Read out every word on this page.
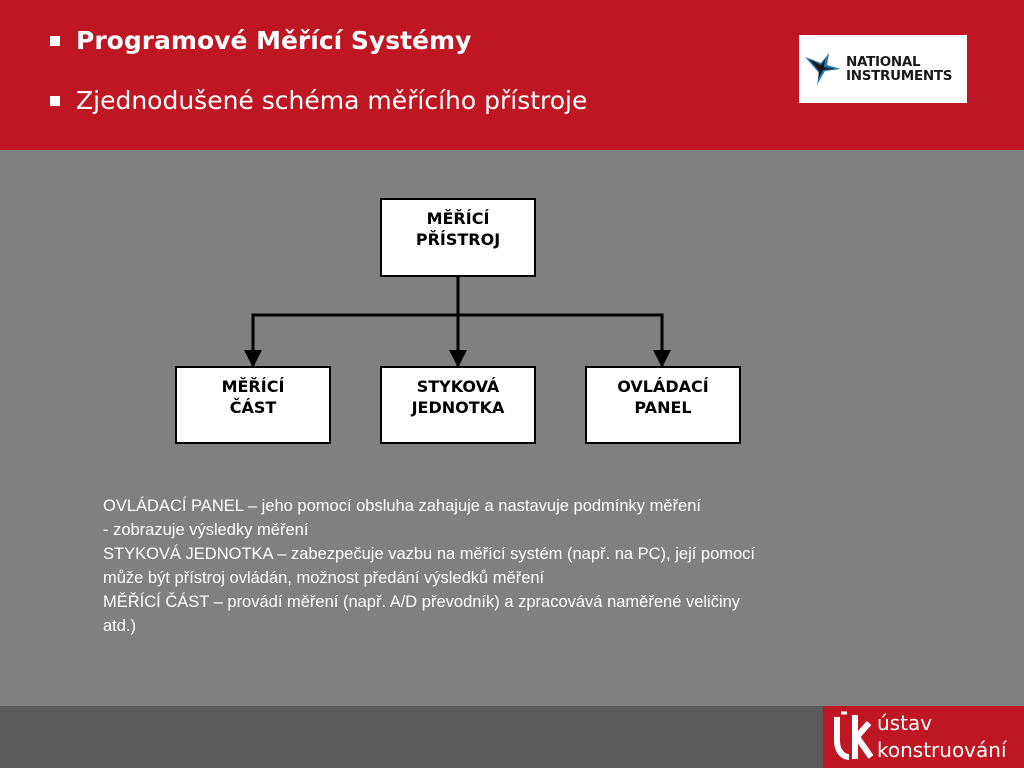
Programové Měřící Systémy
Zjednodušené schéma měřícího přístroje
NATIONAL
INSTRUMENTS
MĚŘÍCÍ
PŘÍSTROJ
MĚŘÍCÍ
ČÁST
STYKOVÁ
JEDNOTKA
OVLÁDACÍ
PANEL
OVLÁDACÍ PANEL – jeho pomocí obsluha zahajuje a nastavuje podmínky měření
- zobrazuje výsledky měření
STYKOVÁ JEDNOTKA – zabezpečuje vazbu na měřící systém (např. na PC), její pomocí může být přístroj ovládán, možnost předání výsledků měření
MĚŘÍCÍ ČÁST – provádí měření (např. A/D převodník) a zpracovává naměřené veličiny atd.)
ústav
konstruování
